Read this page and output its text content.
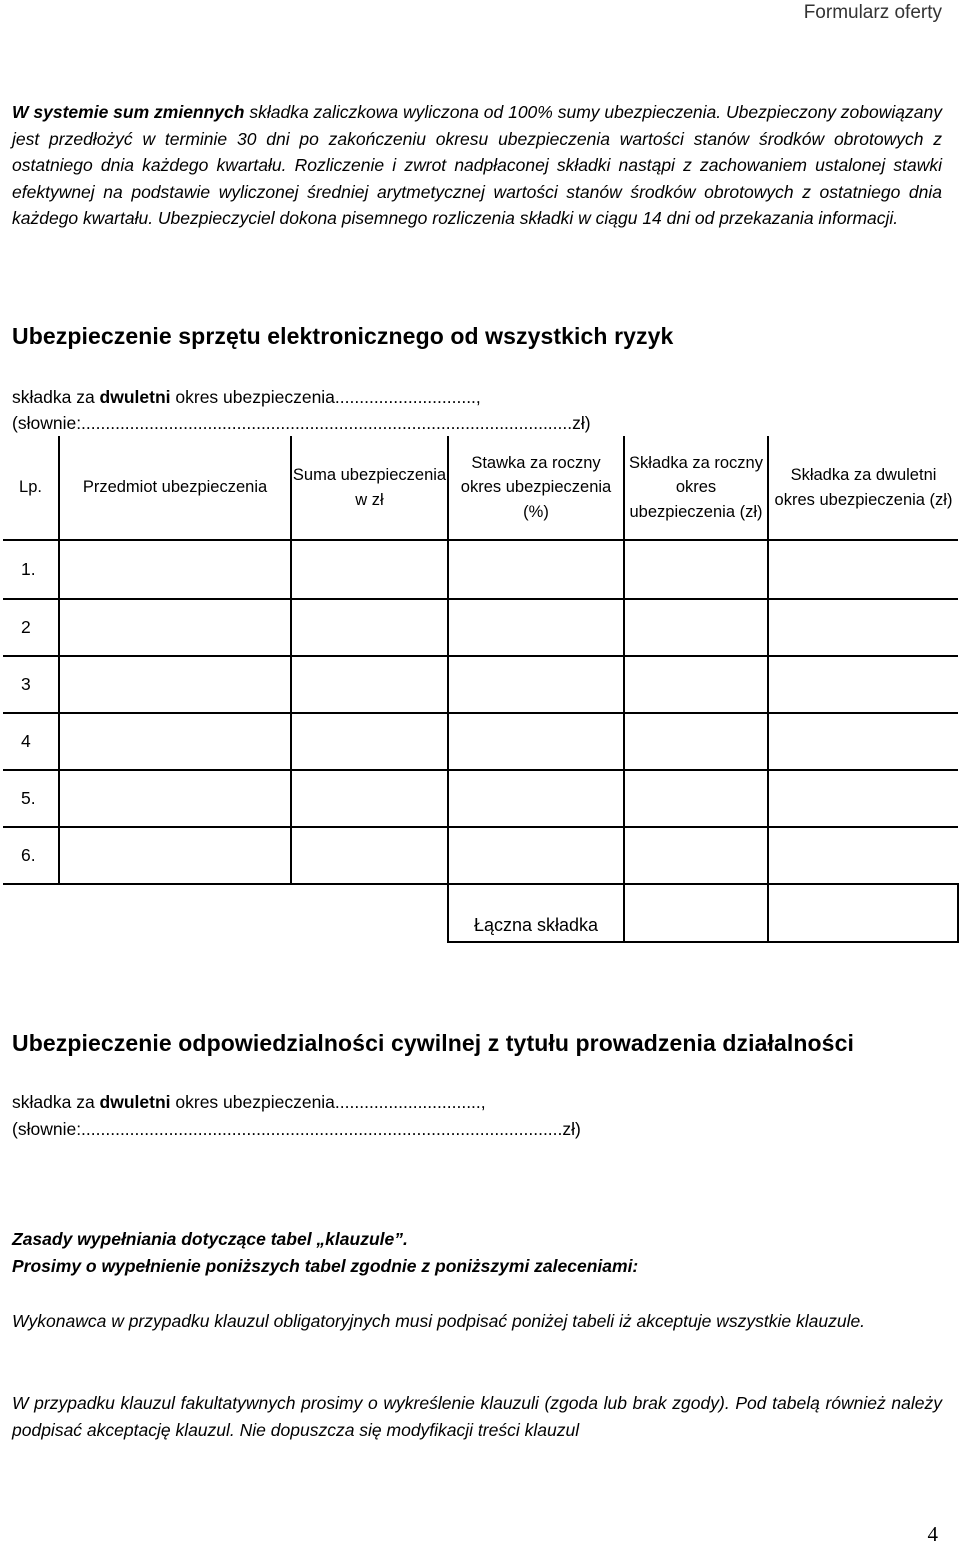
Formularz oferty
W systemie sum zmiennych składka zaliczkowa wyliczona od 100% sumy ubezpieczenia. Ubezpieczony zobowiązany jest przedłożyć w terminie 30 dni po zakończeniu okresu ubezpieczenia wartości stanów środków obrotowych z ostatniego dnia każdego kwartału. Rozliczenie i zwrot nadpłaconej składki nastąpi z zachowaniem ustalonej stawki efektywnej na podstawie wyliczonej średniej arytmetycznej wartości stanów środków obrotowych z ostatniego dnia każdego kwartału. Ubezpieczyciel dokona pisemnego rozliczenia składki w ciągu 14 dni od przekazania informacji.
Ubezpieczenie sprzętu elektronicznego od wszystkich ryzyk
składka za dwuletni okres ubezpieczenia.............................,
(słownie:.....................................................................................................zł)
Lp.	Przedmiot ubezpieczenia	Suma ubezpieczenia w zł	Stawka za roczny okres ubezpieczenia (%)	Składka za roczny okres ubezpieczenia (zł)	Składka za dwuletni okres ubezpieczenia (zł)
1.					
2					
3					
4					
5.					
6.					
			Łączna składka		
Ubezpieczenie odpowiedzialności cywilnej z tytułu prowadzenia działalności
składka za dwuletni okres ubezpieczenia..............................,
(słownie:...................................................................................................zł)
Zasady wypełniania dotyczące tabel „klauzule”.
Prosimy o wypełnienie poniższych tabel zgodnie z poniższymi zaleceniami:
Wykonawca w przypadku klauzul obligatoryjnych musi podpisać poniżej tabeli iż akceptuje wszystkie klauzule.
W przypadku klauzul fakultatywnych prosimy o wykreślenie klauzuli (zgoda lub brak zgody). Pod tabelą również należy podpisać akceptację klauzul. Nie dopuszcza się modyfikacji treści klauzul
4
